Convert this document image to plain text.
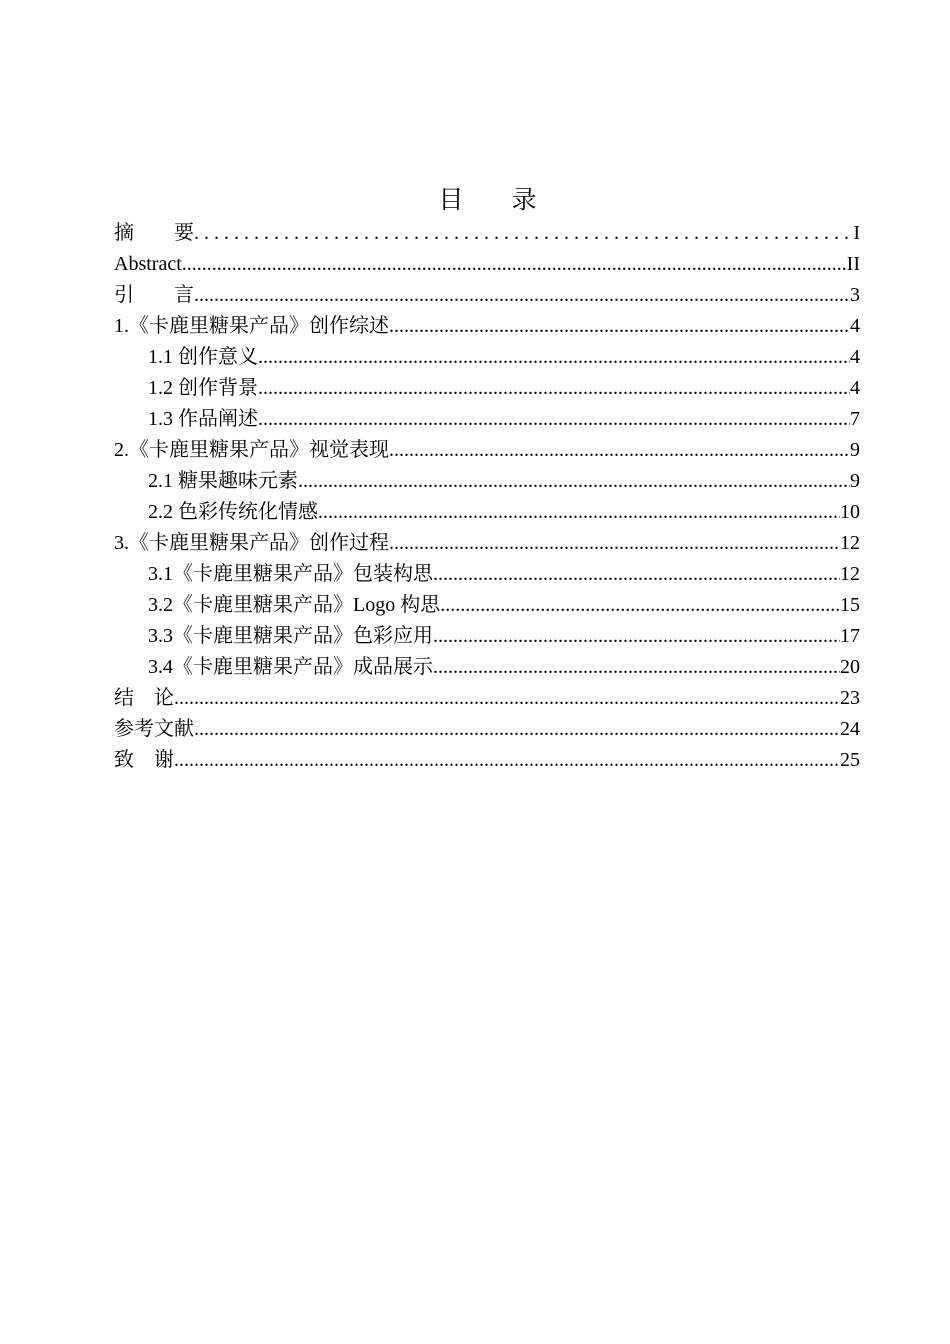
目 录
摘　　要 . . .	I
Abstract .....	II
引　　言 .....	3
1.《卡鹿里糖果产品》创作综述 .....	4
1.1 创作意义 .....	4
1.2 创作背景 .....	4
1.3 作品阐述 .....	7
2.《卡鹿里糖果产品》视觉表现 .....	9
2.1 糖果趣味元素 .....	9
2.2 色彩传统化情感 .....	10
3.《卡鹿里糖果产品》创作过程 .....	12
3.1《卡鹿里糖果产品》包装构思 .....	12
3.2《卡鹿里糖果产品》Logo 构思 .....	15
3.3《卡鹿里糖果产品》色彩应用 .....	17
3.4《卡鹿里糖果产品》成品展示 .....	20
结　论 .....	23
参考文献 .....	24
致　谢 .....	25
